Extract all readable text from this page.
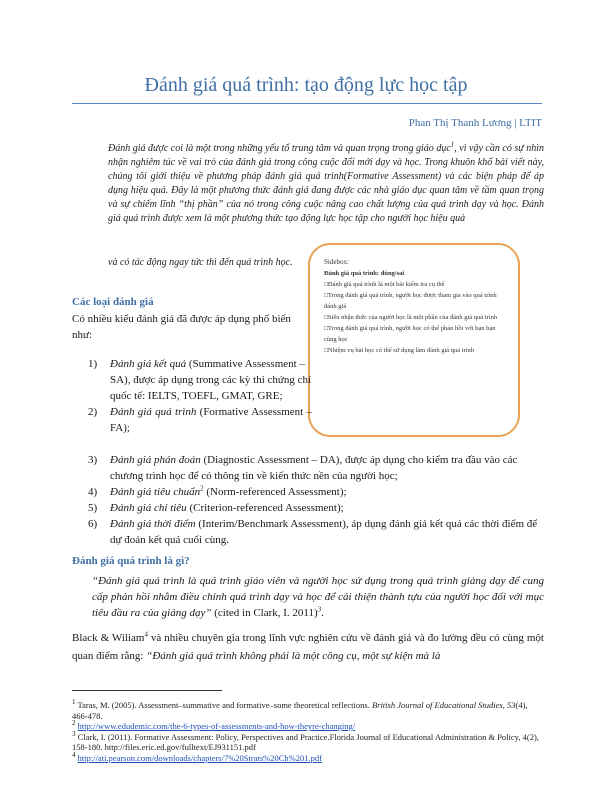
Đánh giá quá trình: tạo động lực học tập
Phan Thị Thanh Lương | LTIT
Đánh giá được coi là một trong những yếu tố trung tâm và quan trọng trong giáo dục$^1$, vì vậy cần có sự nhìn nhận nghiêm túc về vai trò của đánh giá trong công cuộc đổi mới dạy và học. Trong khuôn khổ bài viết này, chúng tôi giới thiệu về phương pháp đánh giá quá trình(Formative Assessment) và các biện pháp để áp dụng hiệu quả. Đây là một phương thức đánh giá đang được các nhà giáo dục quan tâm về tầm quan trọng và sự chiếm lĩnh “thị phần” của nó trong công cuộc nâng cao chất lượng của quá trình dạy và học. Đánh giá quá trình được xem là một phương thức tạo động lực học tập cho người học hiệu quả
và có tác động ngay tức thì đến quá trình học.	Sidebox:
Đánh giá quá trình: đúng/sai
□Đánh giá quá trình là một bài kiểm tra cụ thể
□Trong đánh giá quá trình, người học được tham gia vào quá trình đánh giá
□Siêu nhận thức của người học là một phần của đánh giá quá trình
□Trong đánh giá quá trình, người học có thể phản hồi với bạn bạn cùng học
□Nhiệm vụ bài học có thể sử dụng làm đánh giá quá trình
Các loại đánh giá
Có nhiều kiểu đánh giá đã được áp dụng phổ biến như:
1) Đánh giá kết quả (Summative Assessment – SA), được áp dụng trong các kỳ thi chứng chỉ quốc tế: IELTS, TOEFL, GMAT, GRE;
2) Đánh giá quá trình (Formative Assessment – FA);
3) Đánh giá phán đoán (Diagnostic Assessment – DA), được áp dụng cho kiểm tra đầu vào các chương trình học để có thông tin về kiến thức nền của người học;
4) Đánh giá tiêu chuẩn$^2$ (Norm-referenced Assessment);
5) Đánh giá chỉ tiêu (Criterion-referenced Assessment);
6) Đánh giá thời điểm (Interim/Benchmark Assessment), áp dụng đánh giá kết quả các thời điểm để dự đoán kết quả cuối cùng.
Đánh giá quá trình là gì?
“Đánh giá quá trình là quá trình giáo viên và người học sử dụng trong quá trình giảng dạy để cung cấp phản hồi nhằm điều chỉnh quá trình dạy và học để cải thiện thành tựu của người học đối với mục tiêu đầu ra của giảng dạy” (cited in Clark, I. 2011)$^3$.
Black & Wiliam$^4$ và nhiều chuyên gia trong lĩnh vực nghiên cứu về đánh giá và đo lường đều có cùng một quan điểm rằng: “Đánh giá quá trình không phải là một công cụ, một sự kiện mà là
$^1$ Taras, M. (2005). Assessment–summative and formative–some theoretical reflections. British Journal of Educational Studies, 53(4), 466-478.
$^2$ http://www.edudemic.com/the-6-types-of-assessments-and-how-theyre-changing/
$^3$ Clark, I. (2011). Formative Assessment: Policy, Perspectives and Practice.Florida Journal of Educational Administration & Policy, 4(2), 158-180. http://files.eric.ed.gov/fulltext/EJ931151.pdf
$^4$ http://ati.pearson.com/downloads/chapters/7%20Strats%20Ch%201.pdf
